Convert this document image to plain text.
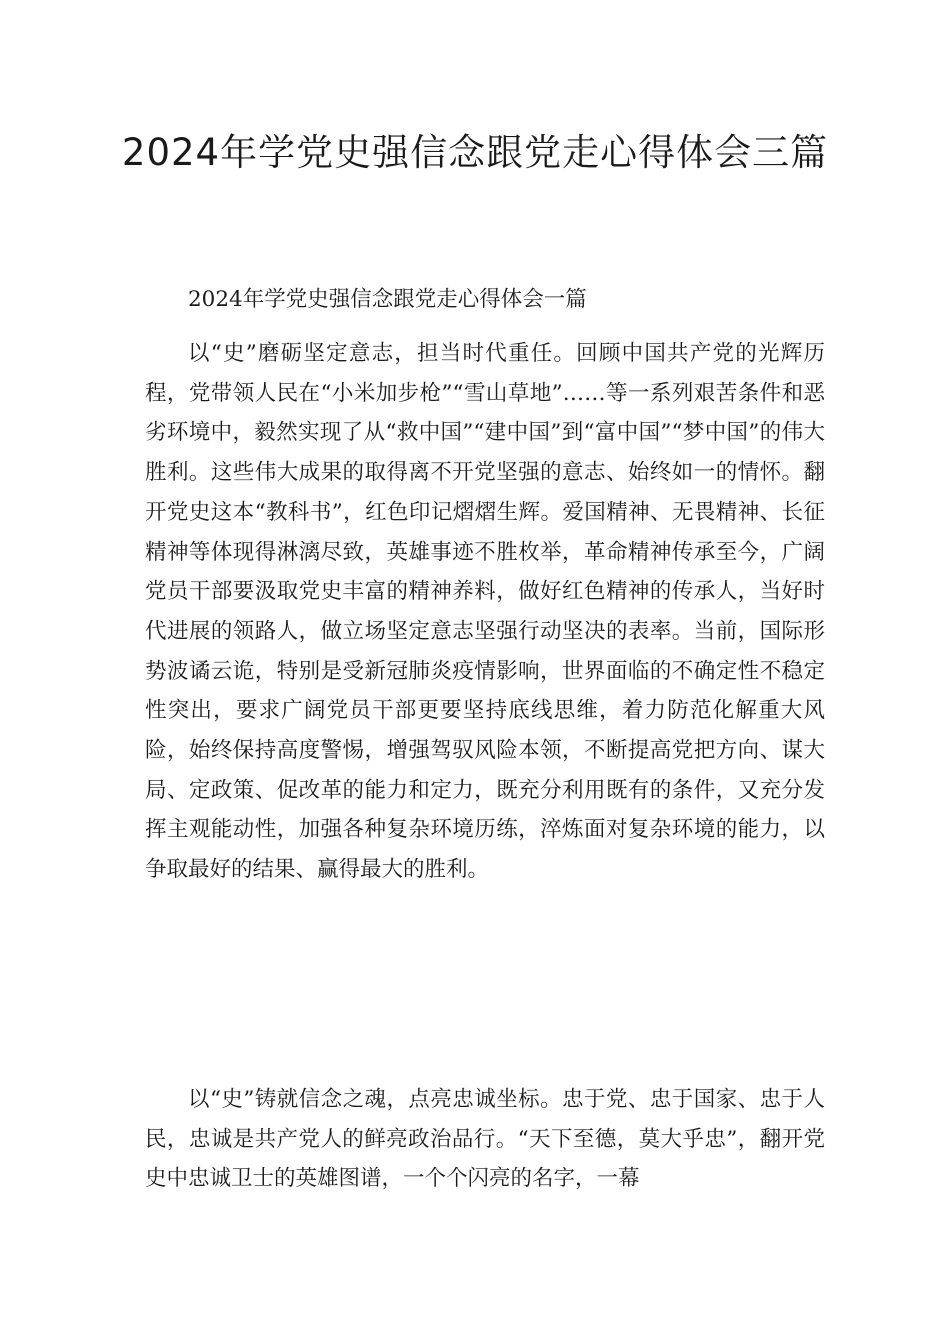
2024年学党史强信念跟党走心得体会三篇

2024年学党史强信念跟党走心得体会一篇

以“史”磨砺坚定意志，担当时代重任。回顾中国共产党的光辉历程，党带领人民在“小米加步枪”“雪山草地”……等一系列艰苦条件和恶劣环境中，毅然实现了从“救中国”“建中国”到“富中国”“梦中国”的伟大胜利。这些伟大成果的取得离不开党坚强的意志、始终如一的情怀。翻开党史这本“教科书”，红色印记熠熠生辉。爱国精神、无畏精神、长征精神等体现得淋漓尽致，英雄事迹不胜枚举，革命精神传承至今，广阔党员干部要汲取党史丰富的精神养料，做好红色精神的传承人，当好时代进展的领路人，做立场坚定意志坚强行动坚决的表率。当前，国际形势波谲云诡，特别是受新冠肺炎疫情影响，世界面临的不确定性不稳定性突出，要求广阔党员干部更要坚持底线思维，着力防范化解重大风险，始终保持高度警惕，增强驾驭风险本领，不断提高党把方向、谋大局、定政策、促改革的能力和定力，既充分利用既有的条件，又充分发挥主观能动性，加强各种复杂环境历练，淬炼面对复杂环境的能力，以争取最好的结果、赢得最大的胜利。

以“史”铸就信念之魂，点亮忠诚坐标。忠于党、忠于国家、忠于人民，忠诚是共产党人的鲜亮政治品行。“天下至德，莫大乎忠”，翻开党史中忠诚卫士的英雄图谱，一个个闪亮的名字，一幕
